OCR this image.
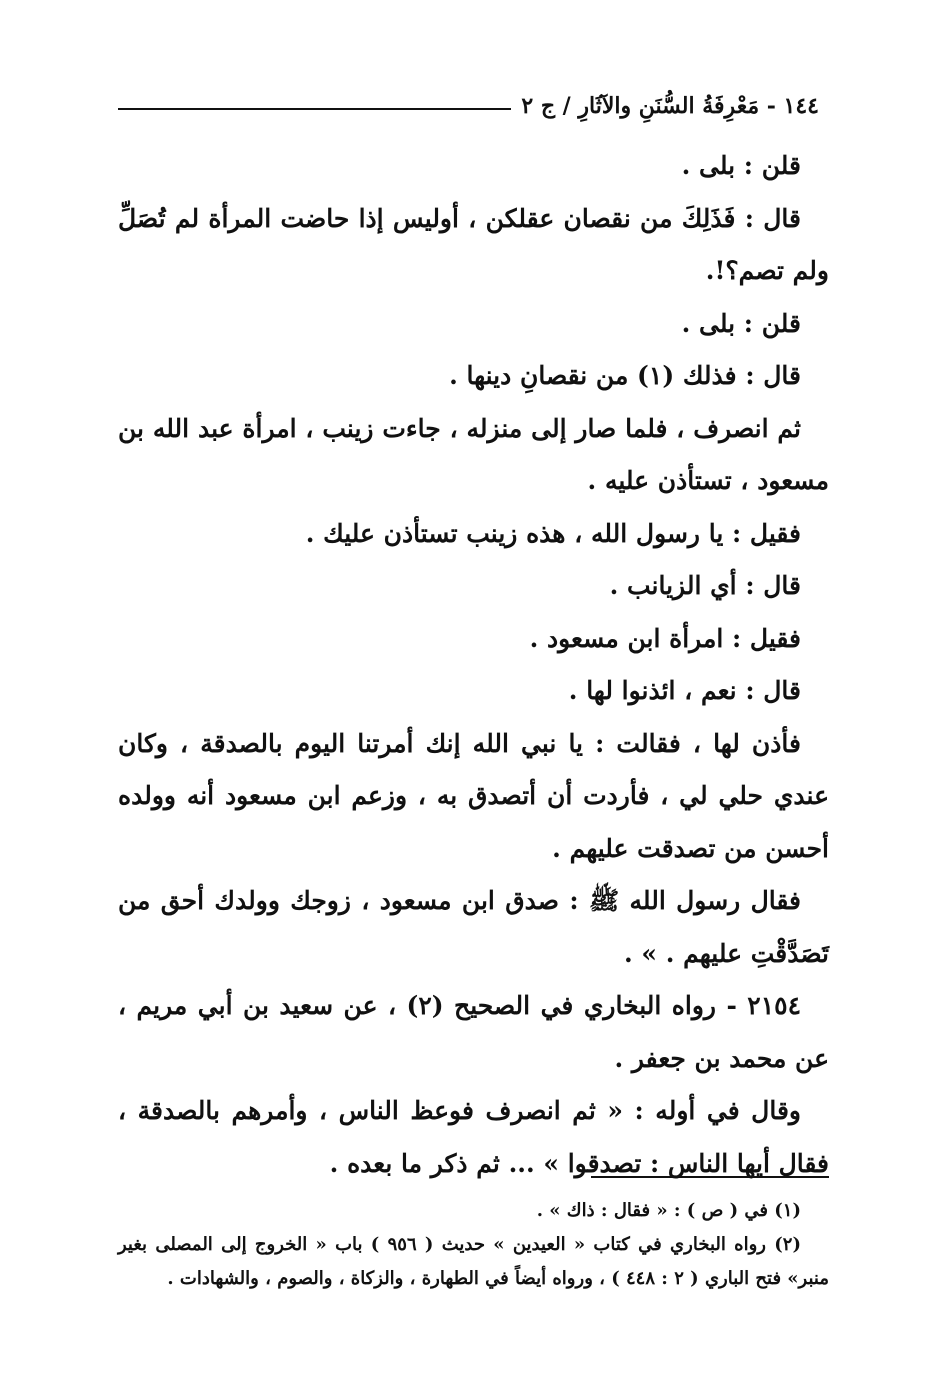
١٤٤ - مَعْرِفَةُ السُّنَنِ والآثَارِ / ج ٢

قلن : بلى .

قال : فَذَلِكَ من نقصان عقلكن ، أوليس إذا حاضت المرأة لم تُصَلِّ ولم تصم؟!.

قلن : بلى .

قال : فذلك (١) من نقصانِ دينها .

ثم انصرف ، فلما صار إلى منزله ، جاءت زينب ، امرأة عبد الله بن مسعود ، تستأذن عليه .

فقيل : يا رسول الله ، هذه زينب تستأذن عليك .

قال : أي الزيانب .

فقيل : امرأة ابن مسعود .

قال : نعم ، ائذنوا لها .

فأذن لها ، فقالت : يا نبي الله إنك أمرتنا اليوم بالصدقة ، وكان عندي حلي لي ، فأردت أن أتصدق به ، وزعم ابن مسعود أنه وولده أحسن من تصدقت عليهم .

فقال رسول الله ﷺ : صدق ابن مسعود ، زوجك وولدك أحق من تَصَدَّقْتِ عليهم . » .

٢١٥٤ - رواه البخاري في الصحيح (٢) ، عن سعيد بن أبي مريم ، عن محمد بن جعفر .

وقال في أوله : « ثم انصرف فوعظ الناس ، وأمرهم بالصدقة ، فقال أيها الناس : تصدقوا » ... ثم ذكر ما بعده .

(١) في ( ص ) : « فقال : ذاك » .

(٢) رواه البخاري في كتاب « العيدين » حديث ( ٩٥٦ ) باب « الخروج إلى المصلى بغير منبر» فتح الباري ( ٢ : ٤٤٨ ) ، ورواه أيضاً في الطهارة ، والزكاة ، والصوم ، والشهادات .
